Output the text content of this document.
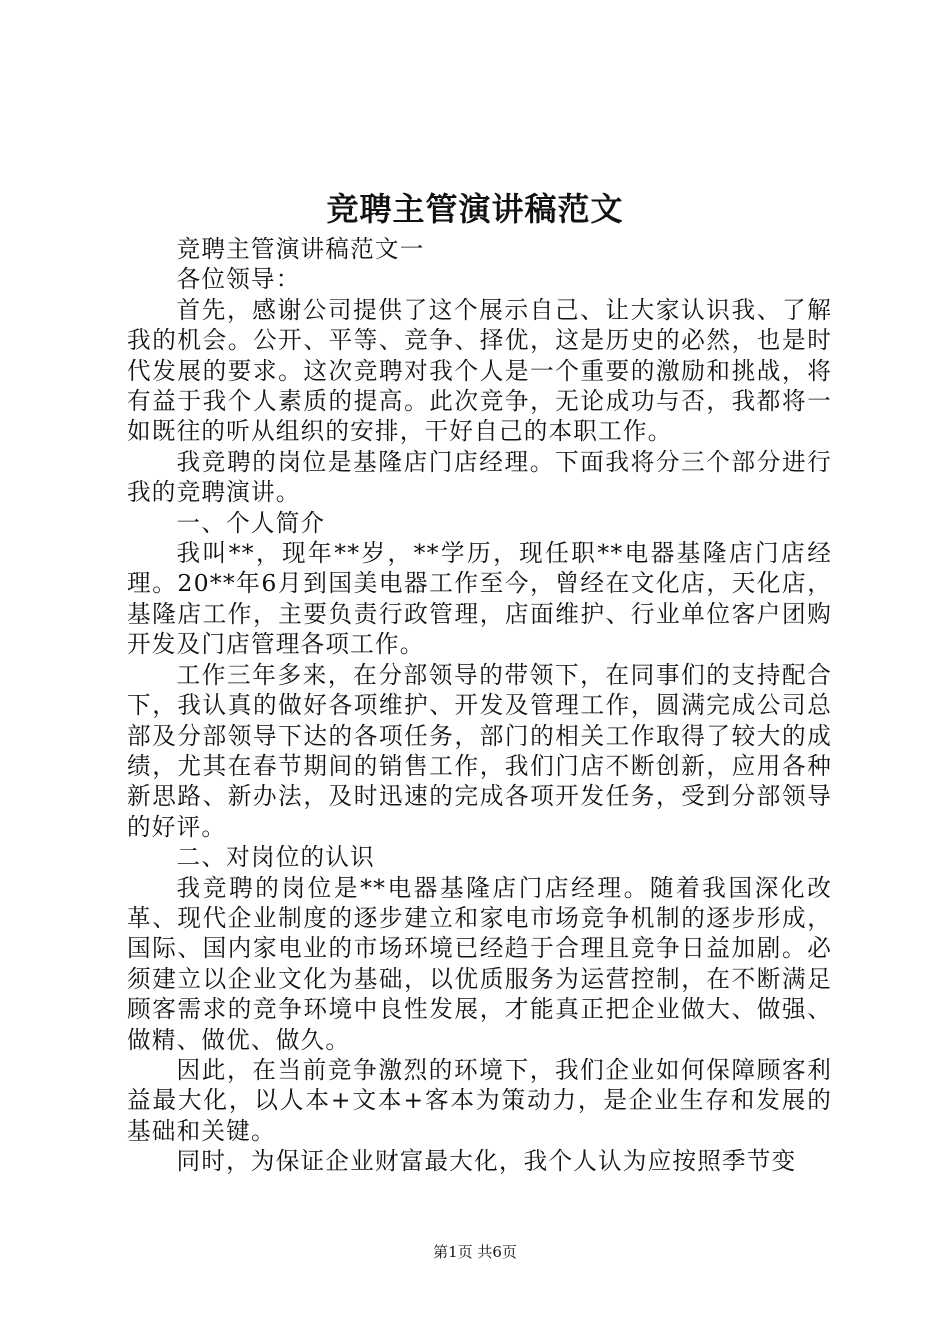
竞聘主管演讲稿范文

竞聘主管演讲稿范文一

各位领导：

首先，感谢公司提供了这个展示自己、让大家认识我、了解我的机会。公开、平等、竞争、择优，这是历史的必然，也是时代发展的要求。这次竞聘对我个人是一个重要的激励和挑战，将有益于我个人素质的提高。此次竞争，无论成功与否，我都将一如既往的听从组织的安排，干好自己的本职工作。

我竞聘的岗位是基隆店门店经理。下面我将分三个部分进行我的竞聘演讲。

一、个人简介

我叫**，现年**岁，**学历，现任职**电器基隆店门店经理。20**年6月到国美电器工作至今，曾经在文化店，天化店，基隆店工作，主要负责行政管理，店面维护、行业单位客户团购开发及门店管理各项工作。

工作三年多来，在分部领导的带领下，在同事们的支持配合下，我认真的做好各项维护、开发及管理工作，圆满完成公司总部及分部领导下达的各项任务，部门的相关工作取得了较大的成绩，尤其在春节期间的销售工作，我们门店不断创新，应用各种新思路、新办法，及时迅速的完成各项开发任务，受到分部领导的好评。

二、对岗位的认识

我竞聘的岗位是**电器基隆店门店经理。随着我国深化改革、现代企业制度的逐步建立和家电市场竞争机制的逐步形成，国际、国内家电业的市场环境已经趋于合理且竞争日益加剧。必须建立以企业文化为基础，以优质服务为运营控制，在不断满足顾客需求的竞争环境中良性发展，才能真正把企业做大、做强、做精、做优、做久。

因此，在当前竞争激烈的环境下，我们企业如何保障顾客利益最大化，以人本+文本+客本为策动力，是企业生存和发展的基础和关键。

同时，为保证企业财富最大化，我个人认为应按照季节变

第1页 共6页
